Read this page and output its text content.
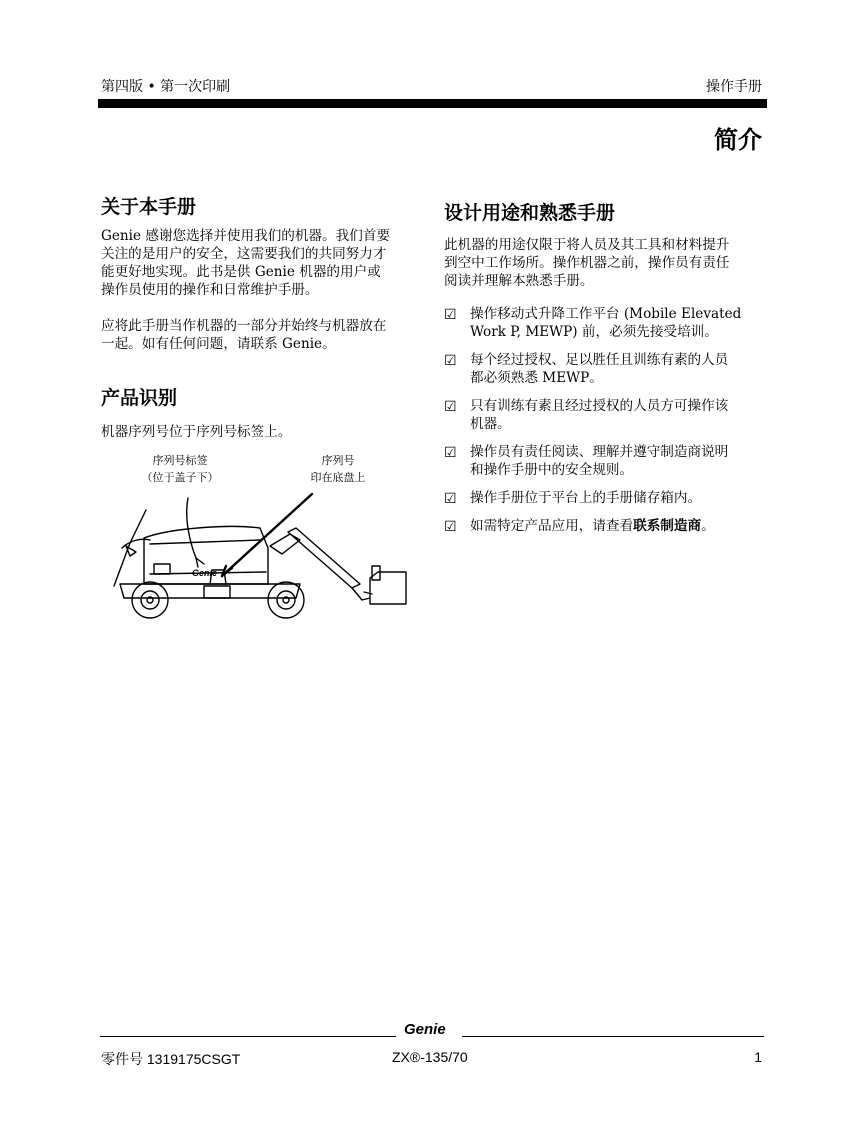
第四版 • 第一次印刷	操作手册
简介
关于本手册
Genie 感谢您选择并使用我们的机器。我们首要
关注的是用户的安全，这需要我们的共同努力才
能更好地实现。此书是供 Genie 机器的用户或
操作员使用的操作和日常维护手册。
应将此手册当作机器的一部分并始终与机器放在
一起。如有任何问题，请联系 Genie。
产品识别
机器序列号位于序列号标签上。
序列号标签
（位于盖子下）
序列号
印在底盘上
Genie
设计用途和熟悉手册
此机器的用途仅限于将人员及其工具和材料提升
到空中工作场所。操作机器之前，操作员有责任
阅读并理解本熟悉手册。
☑ 操作移动式升降工作平台 (Mobile Elevated
Work P, MEWP) 前，必须先接受培训。
☑ 每个经过授权、足以胜任且训练有素的人员
都必须熟悉 MEWP。
☑ 只有训练有素且经过授权的人员方可操作该
机器。
☑ 操作员有责任阅读、理解并遵守制造商说明
和操作手册中的安全规则。
☑ 操作手册位于平台上的手册储存箱内。
☑ 如需特定产品应用，请查看联系制造商。
Genie
零件号 1319175CSGT	ZX®-135/70	1
